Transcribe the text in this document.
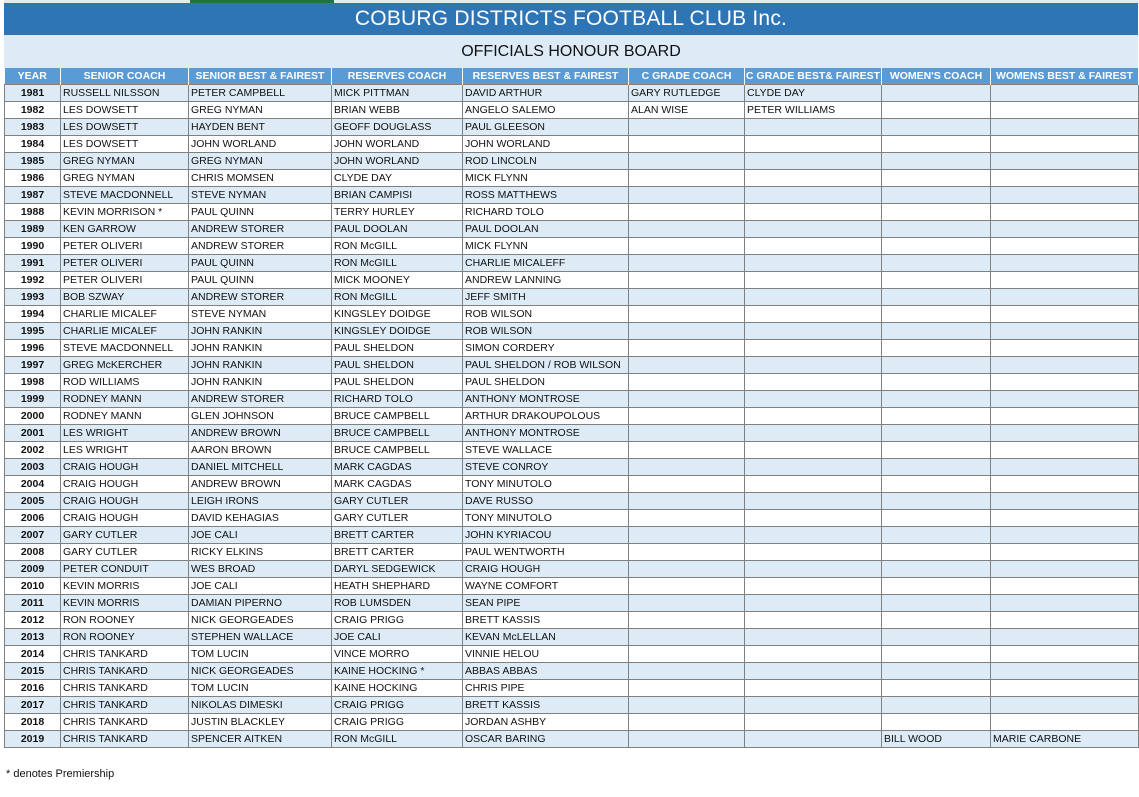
COBURG DISTRICTS FOOTBALL CLUB Inc.
OFFICIALS HONOUR BOARD
YEAR	SENIOR COACH	SENIOR BEST & FAIREST	RESERVES COACH	RESERVES BEST & FAIREST	C GRADE COACH	C GRADE BEST& FAIREST	WOMEN'S COACH	WOMENS BEST & FAIREST
1981	RUSSELL NILSSON	PETER CAMPBELL	MICK PITTMAN	DAVID ARTHUR	GARY RUTLEDGE	CLYDE DAY		
1982	LES DOWSETT	GREG NYMAN	BRIAN WEBB	ANGELO SALEMO	ALAN WISE	PETER WILLIAMS		
1983	LES DOWSETT	HAYDEN BENT	GEOFF DOUGLASS	PAUL GLEESON				
1984	LES DOWSETT	JOHN WORLAND	JOHN WORLAND	JOHN WORLAND				
1985	GREG NYMAN	GREG NYMAN	JOHN WORLAND	ROD LINCOLN				
1986	GREG NYMAN	CHRIS MOMSEN	CLYDE DAY	MICK FLYNN				
1987	STEVE MACDONNELL	STEVE NYMAN	BRIAN CAMPISI	ROSS MATTHEWS				
1988	KEVIN MORRISON *	PAUL QUINN	TERRY HURLEY	RICHARD TOLO				
1989	KEN GARROW	ANDREW STORER	PAUL DOOLAN	PAUL DOOLAN				
1990	PETER OLIVERI	ANDREW STORER	RON McGILL	MICK FLYNN				
1991	PETER OLIVERI	PAUL QUINN	RON McGILL	CHARLIE MICALEFF				
1992	PETER OLIVERI	PAUL QUINN	MICK MOONEY	ANDREW LANNING				
1993	BOB SZWAY	ANDREW STORER	RON McGILL	JEFF SMITH				
1994	CHARLIE MICALEF	STEVE NYMAN	KINGSLEY DOIDGE	ROB WILSON				
1995	CHARLIE MICALEF	JOHN RANKIN	KINGSLEY DOIDGE	ROB WILSON				
1996	STEVE MACDONNELL	JOHN RANKIN	PAUL SHELDON	SIMON CORDERY				
1997	GREG McKERCHER	JOHN RANKIN	PAUL SHELDON	PAUL SHELDON / ROB WILSON				
1998	ROD WILLIAMS	JOHN RANKIN	PAUL SHELDON	PAUL SHELDON				
1999	RODNEY MANN	ANDREW STORER	RICHARD TOLO	ANTHONY MONTROSE				
2000	RODNEY MANN	GLEN JOHNSON	BRUCE CAMPBELL	ARTHUR DRAKOUPOLOUS				
2001	LES WRIGHT	ANDREW BROWN	BRUCE CAMPBELL	ANTHONY MONTROSE				
2002	LES WRIGHT	AARON BROWN	BRUCE CAMPBELL	STEVE WALLACE				
2003	CRAIG HOUGH	DANIEL MITCHELL	MARK CAGDAS	STEVE CONROY				
2004	CRAIG HOUGH	ANDREW BROWN	MARK CAGDAS	TONY MINUTOLO				
2005	CRAIG HOUGH	LEIGH IRONS	GARY CUTLER	DAVE RUSSO				
2006	CRAIG HOUGH	DAVID KEHAGIAS	GARY CUTLER	TONY MINUTOLO				
2007	GARY CUTLER	JOE CALI	BRETT CARTER	JOHN KYRIACOU				
2008	GARY CUTLER	RICKY ELKINS	BRETT CARTER	PAUL WENTWORTH				
2009	PETER CONDUIT	WES BROAD	DARYL SEDGEWICK	CRAIG HOUGH				
2010	KEVIN MORRIS	JOE CALI	HEATH SHEPHARD	WAYNE COMFORT				
2011	KEVIN MORRIS	DAMIAN PIPERNO	ROB LUMSDEN	SEAN PIPE				
2012	RON ROONEY	NICK GEORGEADES	CRAIG PRIGG	BRETT KASSIS				
2013	RON ROONEY	STEPHEN WALLACE	JOE CALI	KEVAN McLELLAN				
2014	CHRIS TANKARD	TOM LUCIN	VINCE MORRO	VINNIE HELOU				
2015	CHRIS TANKARD	NICK GEORGEADES	KAINE HOCKING *	ABBAS ABBAS				
2016	CHRIS TANKARD	TOM LUCIN	KAINE HOCKING	CHRIS PIPE				
2017	CHRIS TANKARD	NIKOLAS DIMESKI	CRAIG PRIGG	BRETT KASSIS				
2018	CHRIS TANKARD	JUSTIN BLACKLEY	CRAIG PRIGG	JORDAN ASHBY				
2019	CHRIS TANKARD	SPENCER AITKEN	RON McGILL	OSCAR BARING			BILL WOOD	MARIE CARBONE
* denotes Premiership
